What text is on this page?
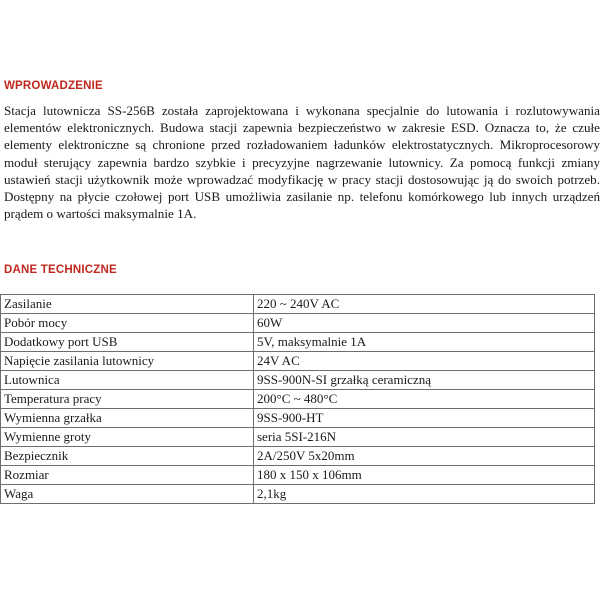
WPROWADZENIE

Stacja lutownicza SS-256B została zaprojektowana i wykonana specjalnie do lutowania i rozlutowywania elementów elektronicznych. Budowa stacji zapewnia bezpieczeństwo w zakresie ESD. Oznacza to, że czułe elementy elektroniczne są chronione przed rozładowaniem ładunków elektrostatycznych. Mikroprocesorowy moduł sterujący zapewnia bardzo szybkie i precyzyjne nagrzewanie lutownicy. Za pomocą funkcji zmiany ustawień stacji użytkownik może wprowadzać modyfikację w pracy stacji dostosowując ją do swoich potrzeb. Dostępny na płycie czołowej port USB umożliwia zasilanie np. telefonu komórkowego lub innych urządzeń prądem o wartości maksymalnie 1A.

DANE TECHNICZNE
Zasilanie	220 ~ 240V AC
Pobór mocy	60W
Dodatkowy port USB	5V, maksymalnie 1A
Napięcie zasilania lutownicy	24V AC
Lutownica	9SS-900N-SI grzałką ceramiczną
Temperatura pracy	200°C ~ 480°C
Wymienna grzałka	9SS-900-HT
Wymienne groty	seria 5SI-216N
Bezpiecznik	2A/250V 5x20mm
Rozmiar	180 x 150 x 106mm
Waga	2,1kg
